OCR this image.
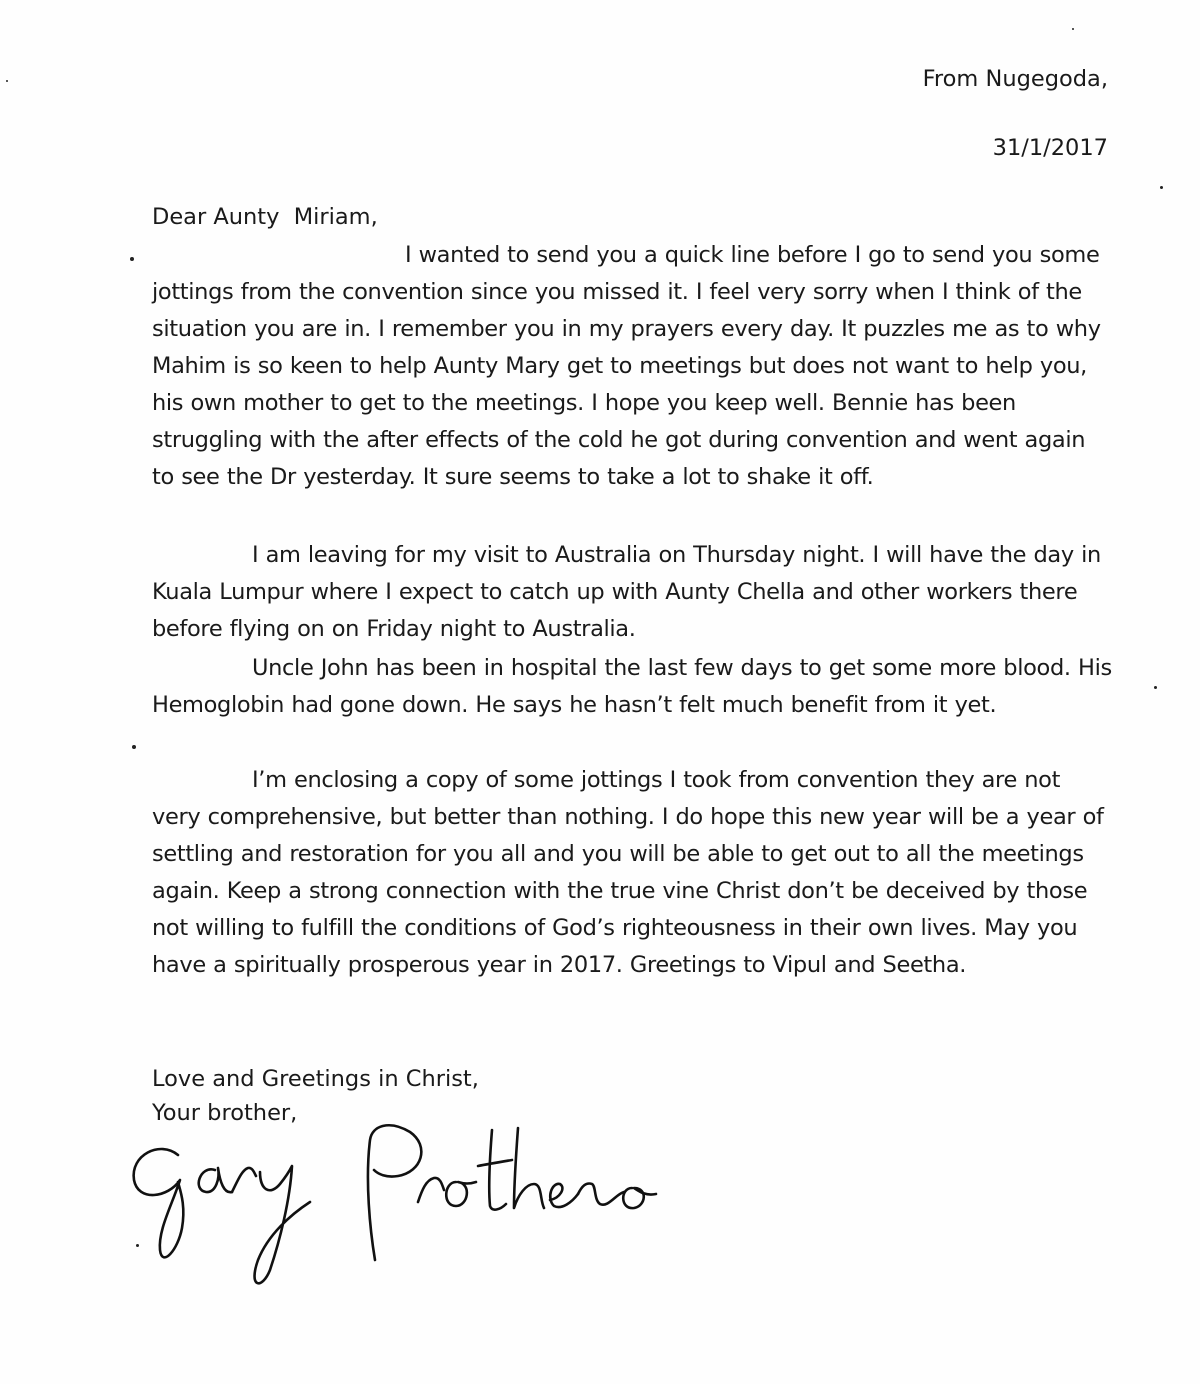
From Nugegoda,
31/1/2017
Dear Aunty  Miriam,

I wanted to send you a quick line before I go to send you some jottings from the convention since you missed it. I feel very sorry when I think of the situation you are in. I remember you in my prayers every day. It puzzles me as to why Mahim is so keen to help Aunty Mary get to meetings but does not want to help you, his own mother to get to the meetings. I hope you keep well. Bennie has been struggling with the after effects of the cold he got during convention and went again to see the Dr yesterday. It sure seems to take a lot to shake it off.

I am leaving for my visit to Australia on Thursday night. I will have the day in Kuala Lumpur where I expect to catch up with Aunty Chella and other workers there before flying on on Friday night to Australia.

Uncle John has been in hospital the last few days to get some more blood. His Hemoglobin had gone down. He says he hasn’t felt much benefit from it yet.

I’m enclosing a copy of some jottings I took from convention they are not very comprehensive, but better than nothing. I do hope this new year will be a year of settling and restoration for you all and you will be able to get out to all the meetings again. Keep a strong connection with the true vine Christ don’t be deceived by those not willing to fulfill the conditions of God’s righteousness in their own lives. May you have a spiritually prosperous year in 2017. Greetings to Vipul and Seetha.

Love and Greetings in Christ,
Your brother,
